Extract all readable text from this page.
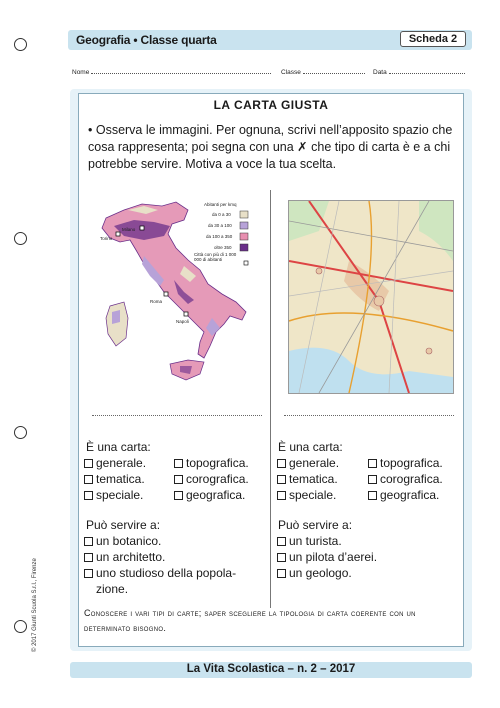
Geografia • Classe quarta	Scheda 2
Nome	Classe	Data
LA CARTA GIUSTA
• Osserva le immagini. Per ognuna, scrivi nell’apposito spazio che cosa rappresenta; poi segna con una ✗ che tipo di carta è e a chi potrebbe servire. Motiva a voce la tua scelta.
Milano
Torino
Roma
Napoli
Abitanti per kmq
da 0 a 30
da 30 a 100
da 100 a 350
oltre 350
Città con più di 1 000 000 di abitanti
È una carta:
generale.
tematica.
speciale.
topografica.
corografica.
geografica.
È una carta:
generale.
tematica.
speciale.
topografica.
corografica.
geografica.
Può servire a:
un botanico.
un architetto.
uno studioso della popola-
zione.
Può servire a:
un turista.
un pilota d’aerei.
un geologo.
Conoscere i vari tipi di carte; saper scegliere la tipologia di carta coerente con un determinato bisogno.
La Vita Scolastica – n. 2 – 2017
© 2017 Giunti Scuola S.r.l., Firenze
